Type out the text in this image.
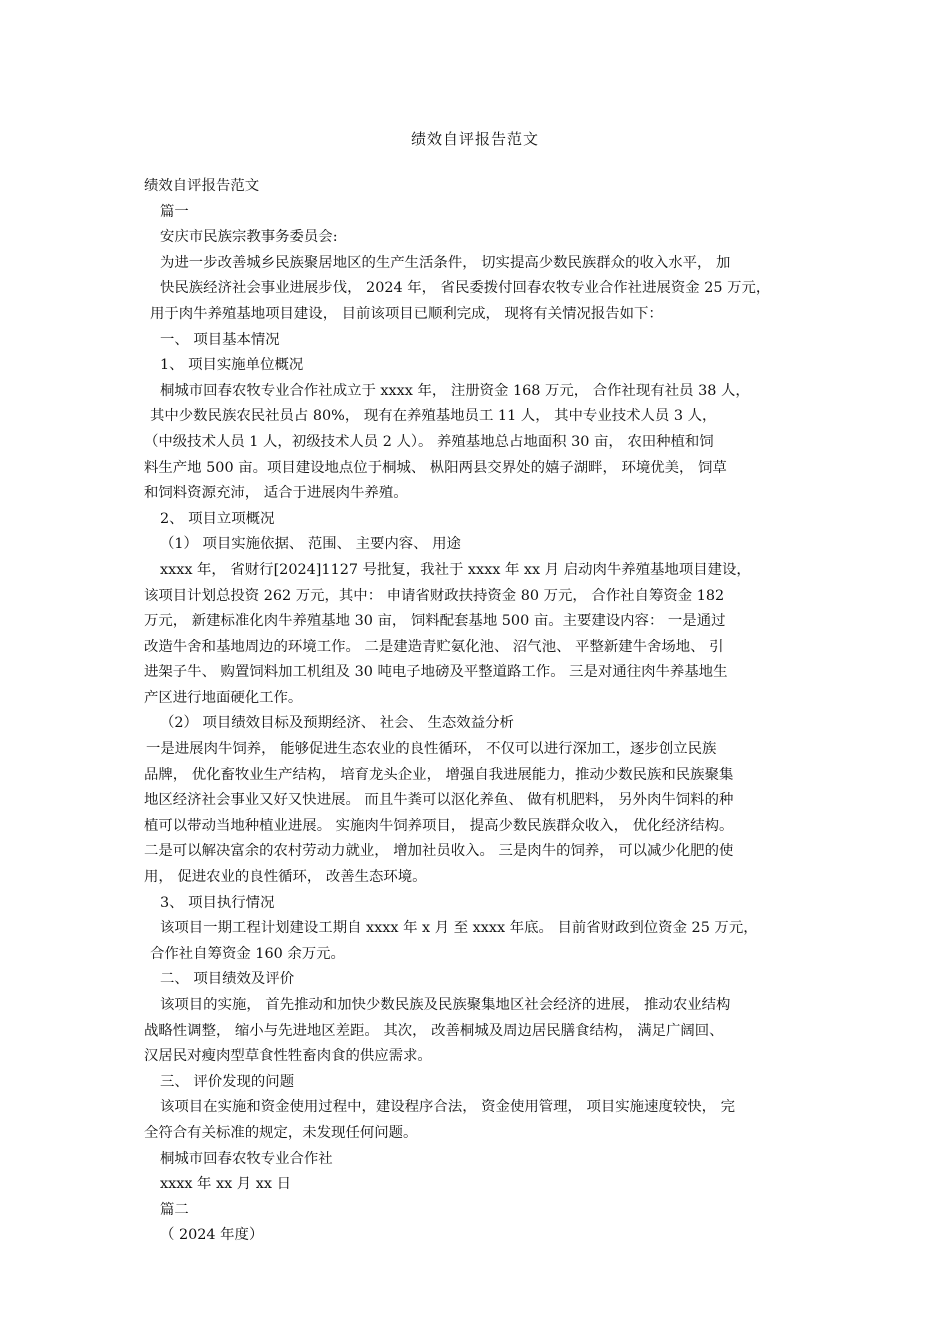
绩效自评报告范文
绩效自评报告范文
篇一
安庆市民族宗教事务委员会:
为进一步改善城乡民族聚居地区的生产生活条件， 切实提高少数民族群众的收入水平， 加
快民族经济社会事业进展步伐， 2024 年， 省民委拨付回春农牧专业合作社进展资金 25 万元，
用于肉牛养殖基地项目建设， 目前该项目已顺利完成， 现将有关情况报告如下：
一、 项目基本情况
1、 项目实施单位概况
桐城市回春农牧专业合作社成立于 xxxx 年， 注册资金 168 万元， 合作社现有社员 38 人，
其中少数民族农民社员占 80%， 现有在养殖基地员工 11 人， 其中专业技术人员 3 人，
（中级技术人员 1 人，初级技术人员 2 人）。 养殖基地总占地面积 30 亩， 农田种植和饲
料生产地 500 亩。项目建设地点位于桐城、 枞阳两县交界处的嬉子湖畔， 环境优美， 饲草
和饲料资源充沛， 适合于进展肉牛养殖。
2、 项目立项概况
（1） 项目实施依据、 范围、 主要内容、 用途
xxxx 年， 省财行[2024]1127 号批复，我社于 xxxx 年 xx 月 启动肉牛养殖基地项目建设，
该项目计划总投资 262 万元，其中： 申请省财政扶持资金 80 万元， 合作社自筹资金 182
万元， 新建标准化肉牛养殖基地 30 亩， 饲料配套基地 500 亩。主要建设内容： 一是通过
改造牛舍和基地周边的环境工作。 二是建造青贮氨化池、 沼气池、 平整新建牛舍场地、 引
进架子牛、 购置饲料加工机组及 30 吨电子地磅及平整道路工作。 三是对通往肉牛养基地生
产区进行地面硬化工作。
（2） 项目绩效目标及预期经济、 社会、 生态效益分析
一是进展肉牛饲养， 能够促进生态农业的良性循环， 不仅可以进行深加工，逐步创立民族
品牌， 优化畜牧业生产结构， 培育龙头企业， 增强自我进展能力，推动少数民族和民族聚集
地区经济社会事业又好又快进展。 而且牛粪可以沤化养鱼、 做有机肥料， 另外肉牛饲料的种
植可以带动当地种植业进展。 实施肉牛饲养项目， 提高少数民族群众收入， 优化经济结构。
二是可以解决富余的农村劳动力就业， 增加社员收入。 三是肉牛的饲养， 可以减少化肥的使
用， 促进农业的良性循环， 改善生态环境。
3、 项目执行情况
该项目一期工程计划建设工期自 xxxx 年 x 月 至 xxxx 年底。 目前省财政到位资金 25 万元，
合作社自筹资金 160 余万元。
二、 项目绩效及评价
该项目的实施， 首先推动和加快少数民族及民族聚集地区社会经济的进展， 推动农业结构
战略性调整， 缩小与先进地区差距。 其次， 改善桐城及周边居民膳食结构， 满足广阔回、
汉居民对瘦肉型草食性牲畜肉食的供应需求。
三、 评价发现的问题
该项目在实施和资金使用过程中，建设程序合法， 资金使用管理， 项目实施速度较快， 完
全符合有关标准的规定，未发现任何问题。
桐城市回春农牧专业合作社
xxxx 年 xx 月 xx 日
篇二
（ 2024 年度）
